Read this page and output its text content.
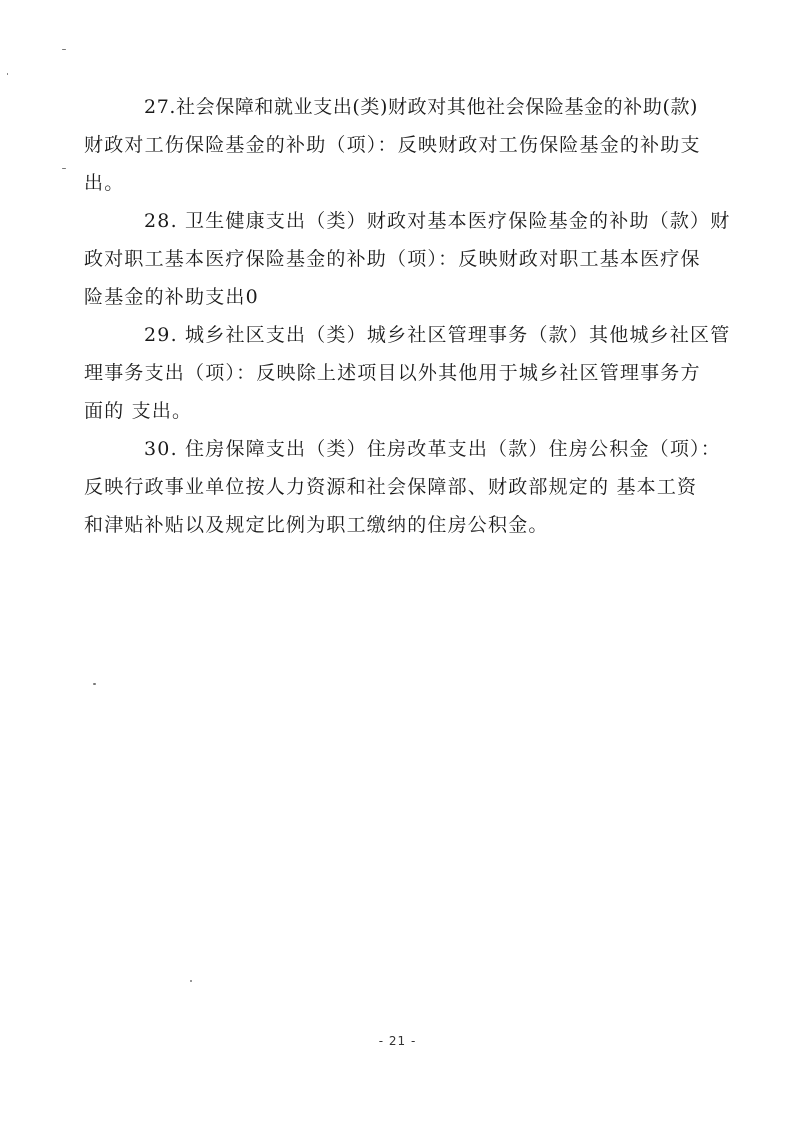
27.社会保障和就业支出(类)财政对其他社会保险基金的补助(款)
财政对工伤保险基金的补助（项）：反映财政对工伤保险基金的补助支
出。

28. 卫生健康支出（类）财政对基本医疗保险基金的补助（款）财
政对职工基本医疗保险基金的补助（项）：反映财政对职工基本医疗保
险基金的补助支出0

29. 城乡社区支出（类）城乡社区管理事务（款）其他城乡社区管
理事务支出（项）：反映除上述项目以外其他用于城乡社区管理事务方
面的 支出。

30. 住房保障支出（类）住房改革支出（款）住房公积金（项）：
反映行政事业单位按人力资源和社会保障部、财政部规定的 基本工资
和津贴补贴以及规定比例为职工缴纳的住房公积金。

- 21 -
